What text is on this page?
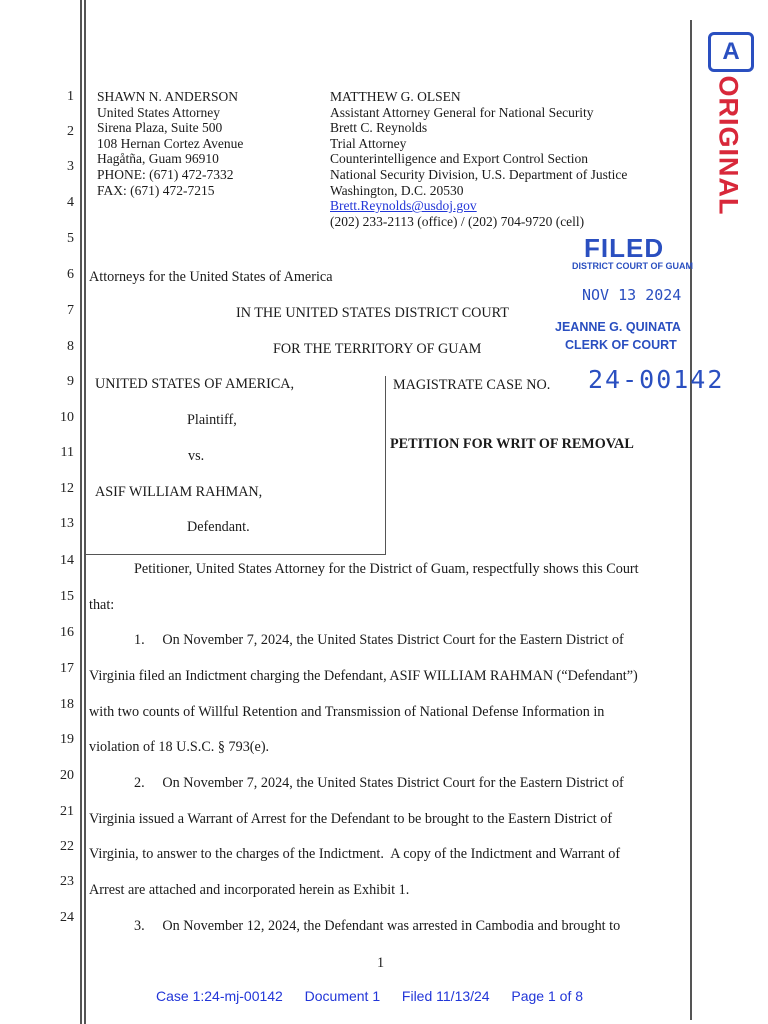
1
2
3
4
5
6
7
8
9
10
11
12
13
14
15
16
17
18
19
20
21
22
23
24
SHAWN N. ANDERSON
United States Attorney
Sirena Plaza, Suite 500
108 Hernan Cortez Avenue
Hagåtña, Guam 96910
PHONE: (671) 472-7332
FAX: (671) 472-7215
MATTHEW G. OLSEN
Assistant Attorney General for National Security
Brett C. Reynolds
Trial Attorney
Counterintelligence and Export Control Section
National Security Division, U.S. Department of Justice
Washington, D.C. 20530
Brett.Reynolds@usdoj.gov
(202) 233-2113 (office) / (202) 704-9720 (cell)
Attorneys for the United States of America
IN THE UNITED STATES DISTRICT COURT
FOR THE TERRITORY OF GUAM
UNITED STATES OF AMERICA,
Plaintiff,
vs.
ASIF WILLIAM RAHMAN,
Defendant.
MAGISTRATE CASE NO. 24-00142
PETITION FOR WRIT OF REMOVAL
FILED
DISTRICT COURT OF GUAM
NOV 13 2024
JEANNE G. QUINATA
CLERK OF COURT
A
ORIGINAL
Petitioner, United States Attorney for the District of Guam, respectfully shows this Court
that:
1.     On November 7, 2024, the United States District Court for the Eastern District of
Virginia filed an Indictment charging the Defendant, ASIF WILLIAM RAHMAN (“Defendant”)
with two counts of Willful Retention and Transmission of National Defense Information in
violation of 18 U.S.C. § 793(e).
2.     On November 7, 2024, the United States District Court for the Eastern District of
Virginia issued a Warrant of Arrest for the Defendant to be brought to the Eastern District of
Virginia, to answer to the charges of the Indictment.  A copy of the Indictment and Warrant of
Arrest are attached and incorporated herein as Exhibit 1.
3.     On November 12, 2024, the Defendant was arrested in Cambodia and brought to
1
Case 1:24-mj-00142 Document 1 Filed 11/13/24 Page 1 of 8
